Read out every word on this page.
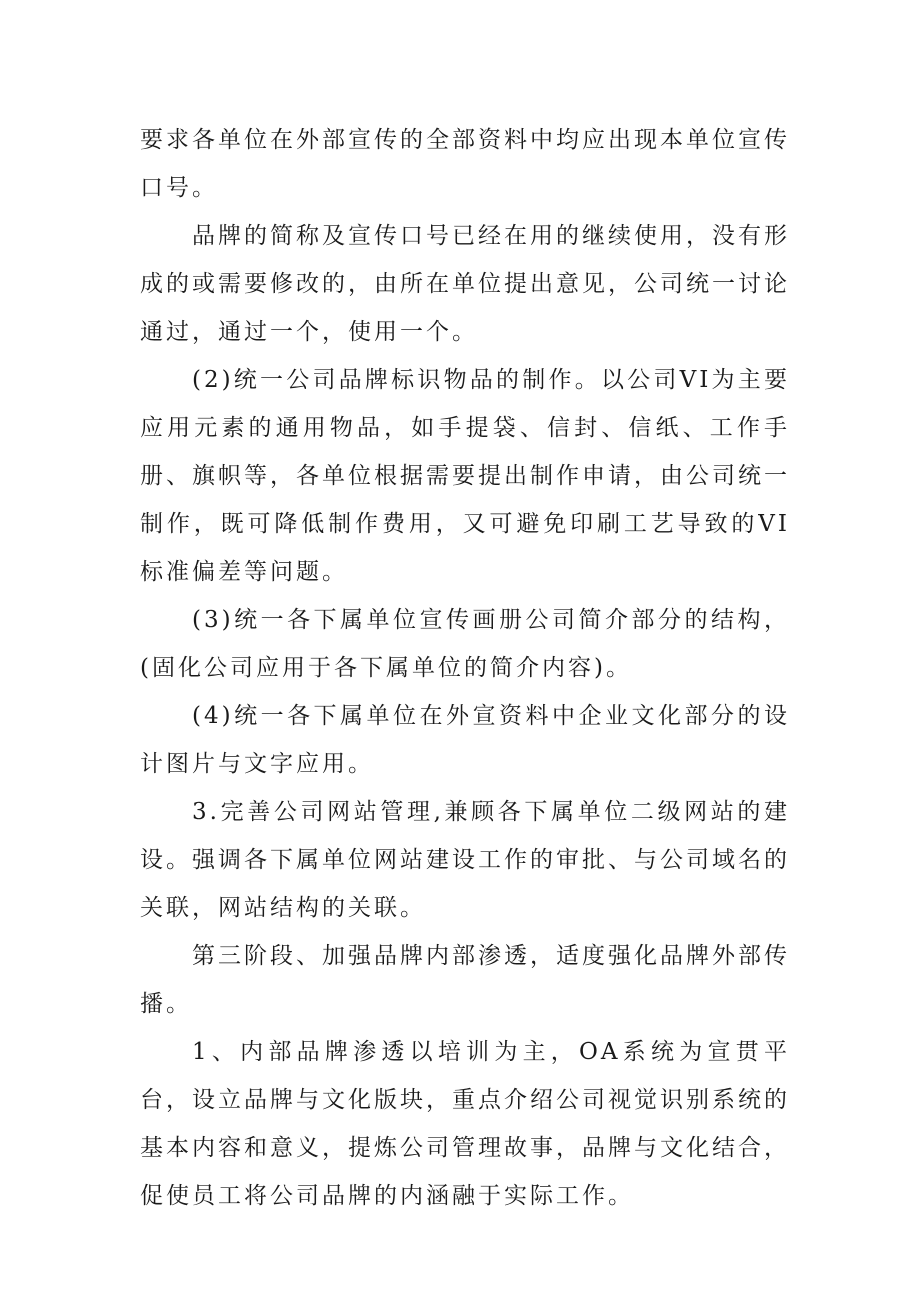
要求各单位在外部宣传的全部资料中均应出现本单位宣传口号。

品牌的简称及宣传口号已经在用的继续使用，没有形成的或需要修改的，由所在单位提出意见，公司统一讨论通过，通过一个，使用一个。

(2)统一公司品牌标识物品的制作。以公司VI为主要应用元素的通用物品，如手提袋、信封、信纸、工作手册、旗帜等，各单位根据需要提出制作申请，由公司统一制作，既可降低制作费用，又可避免印刷工艺导致的VI标准偏差等问题。

(3)统一各下属单位宣传画册公司简介部分的结构，(固化公司应用于各下属单位的简介内容)。

(4)统一各下属单位在外宣资料中企业文化部分的设计图片与文字应用。

3.完善公司网站管理,兼顾各下属单位二级网站的建设。强调各下属单位网站建设工作的审批、与公司域名的关联，网站结构的关联。

第三阶段、加强品牌内部渗透，适度强化品牌外部传播。

1、内部品牌渗透以培训为主，OA系统为宣贯平台，设立品牌与文化版块，重点介绍公司视觉识别系统的基本内容和意义，提炼公司管理故事，品牌与文化结合，促使员工将公司品牌的内涵融于实际工作。
